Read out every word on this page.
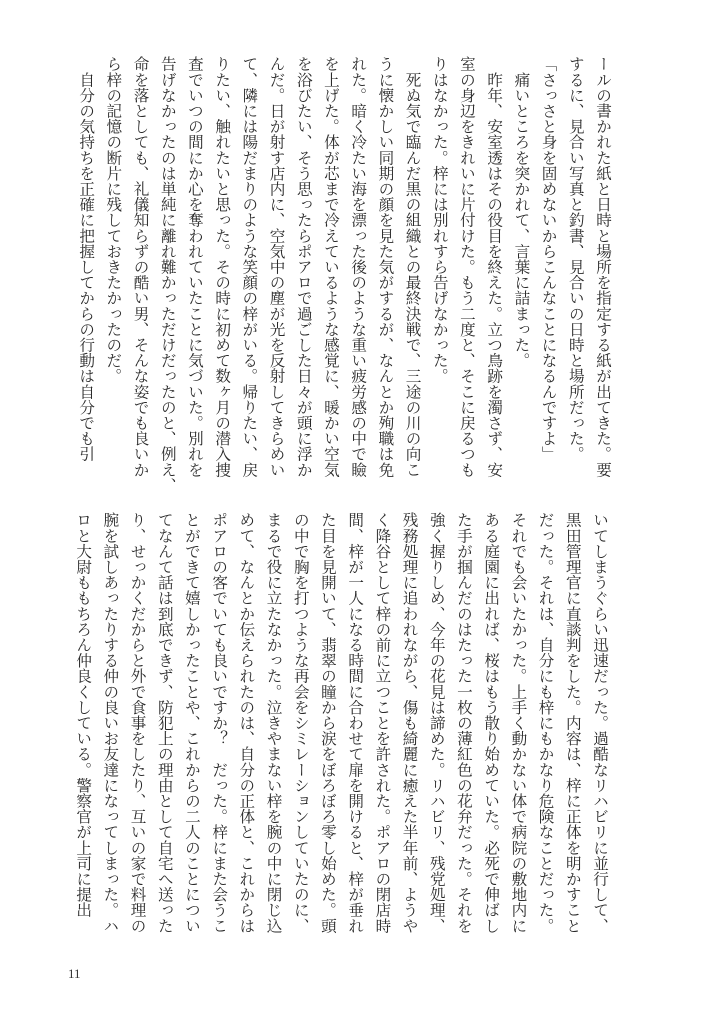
ールの書かれた紙と日時と場所を指定する紙が出てきた。要
するに、見合い写真と釣書、見合いの日時と場所だった。
「さっさと身を固めないからこんなことになるんですよ」
　痛いところを突かれて、言葉に詰まった。
　昨年、安室透はその役目を終えた。立つ鳥跡を濁さず、安
室の身辺をきれいに片付けた。もう二度と、そこに戻るつも
りはなかった。梓には別れすら告げなかった。
　死ぬ気で臨んだ黒の組織との最終決戦で、三途の川の向こ
うに懐かしい同期の顔を見た気がするが、なんとか殉職は免
れた。暗く冷たい海を漂った後のような重い疲労感の中で瞼
を上げた。体が芯まで冷えているような感覚に、暖かい空気
を浴びたい、そう思ったらポアロで過ごした日々が頭に浮か
んだ。日が射す店内に、空気中の塵が光を反射してきらめい
て、隣には陽だまりのような笑顔の梓がいる。帰りたい、戻
りたい、触れたいと思った。その時に初めて数ヶ月の潜入捜
査でいつの間にか心を奪われていたことに気づいた。別れを
告げなかったのは単純に離れ難かっただけだったのと、例え、
命を落としても、礼儀知らずの酷い男、そんな姿でも良いか
ら梓の記憶の断片に残しておきたかったのだ。
　自分の気持ちを正確に把握してからの行動は自分でも引
いてしまうぐらい迅速だった。過酷なリハビリに並行して、
黒田管理官に直談判をした。内容は、梓に正体を明かすこと
だった。それは、自分にも梓にもかなり危険なことだった。
それでも会いたかった。上手く動かない体で病院の敷地内に
ある庭園に出れば、桜はもう散り始めていた。必死で伸ばし
た手が掴んだのはたった一枚の薄紅色の花弁だった。それを
強く握りしめ、今年の花見は諦めた。リハビリ、残党処理、
残務処理に追われながら、傷も綺麗に癒えた半年前、ようや
く降谷として梓の前に立つことを許された。ポアロの閉店時
間、梓が一人になる時間に合わせて扉を開けると、梓が垂れ
た目を見開いて、翡翠の瞳から涙をぼろぼろ零し始めた。頭
の中で胸を打つような再会をシミレーションしていたのに、
まるで役に立たなかった。泣きやまない梓を腕の中に閉じ込
めて、なんとか伝えられたのは、自分の正体と、これからは
ポアロの客でいても良いですか？　だった。梓にまた会うこ
とができて嬉しかったことや、これからの二人のことについ
てなんて話は到底できず、防犯上の理由として自宅へ送った
り、せっかくだからと外で食事をしたり、互いの家で料理の
腕を試しあったりする仲の良いお友達になってしまった。ハ
ロと大尉ももちろん仲良くしている。警察官が上司に提出
11
